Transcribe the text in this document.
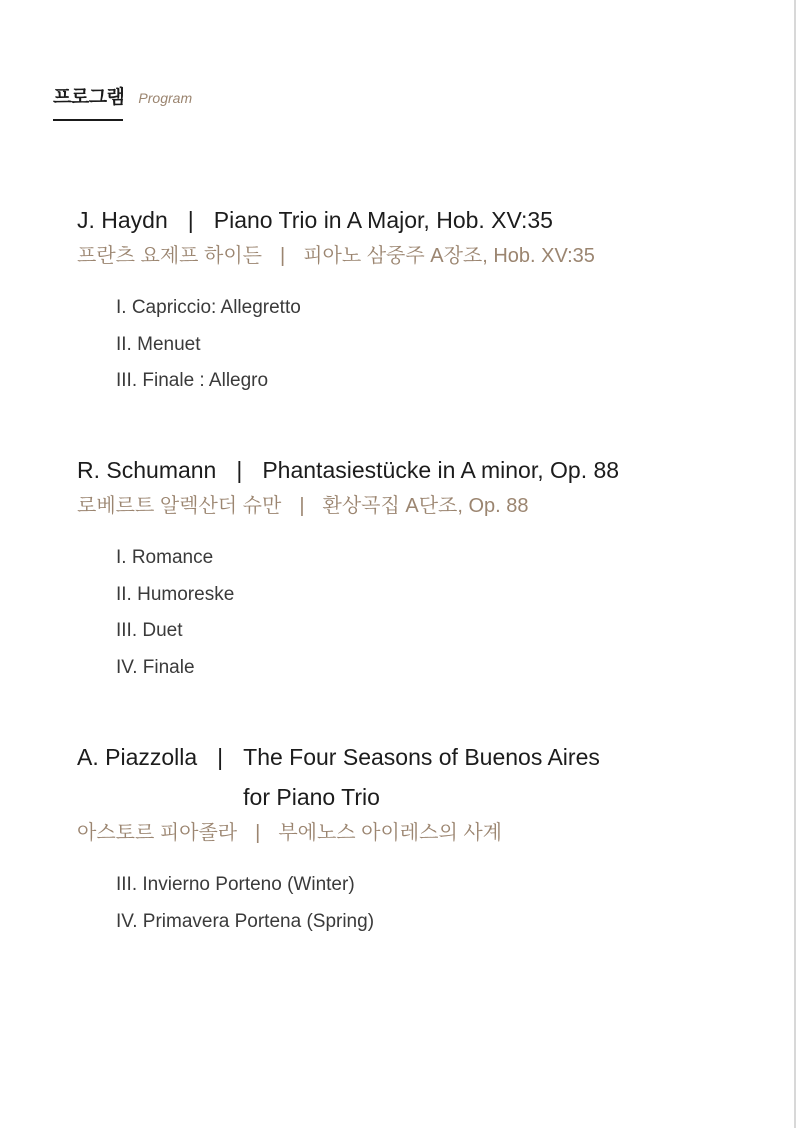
프로그램 Program
J. Haydn | Piano Trio in A Major, Hob. XV:35
프란츠 요제프 하이든 | 피아노 삼중주 A장조, Hob. XV:35
I. Capriccio: Allegretto
II. Menuet
III. Finale : Allegro
R. Schumann | Phantasiestücke in A minor, Op. 88
로베르트 알렉산더 슈만 | 환상곡집 A단조, Op. 88
I. Romance
II. Humoreske
III. Duet
IV. Finale
A. Piazzolla | The Four Seasons of Buenos Aires
for Piano Trio
아스토르 피아졸라 | 부에노스 아이레스의 사계
III. Invierno Porteno (Winter)
IV. Primavera Portena (Spring)
